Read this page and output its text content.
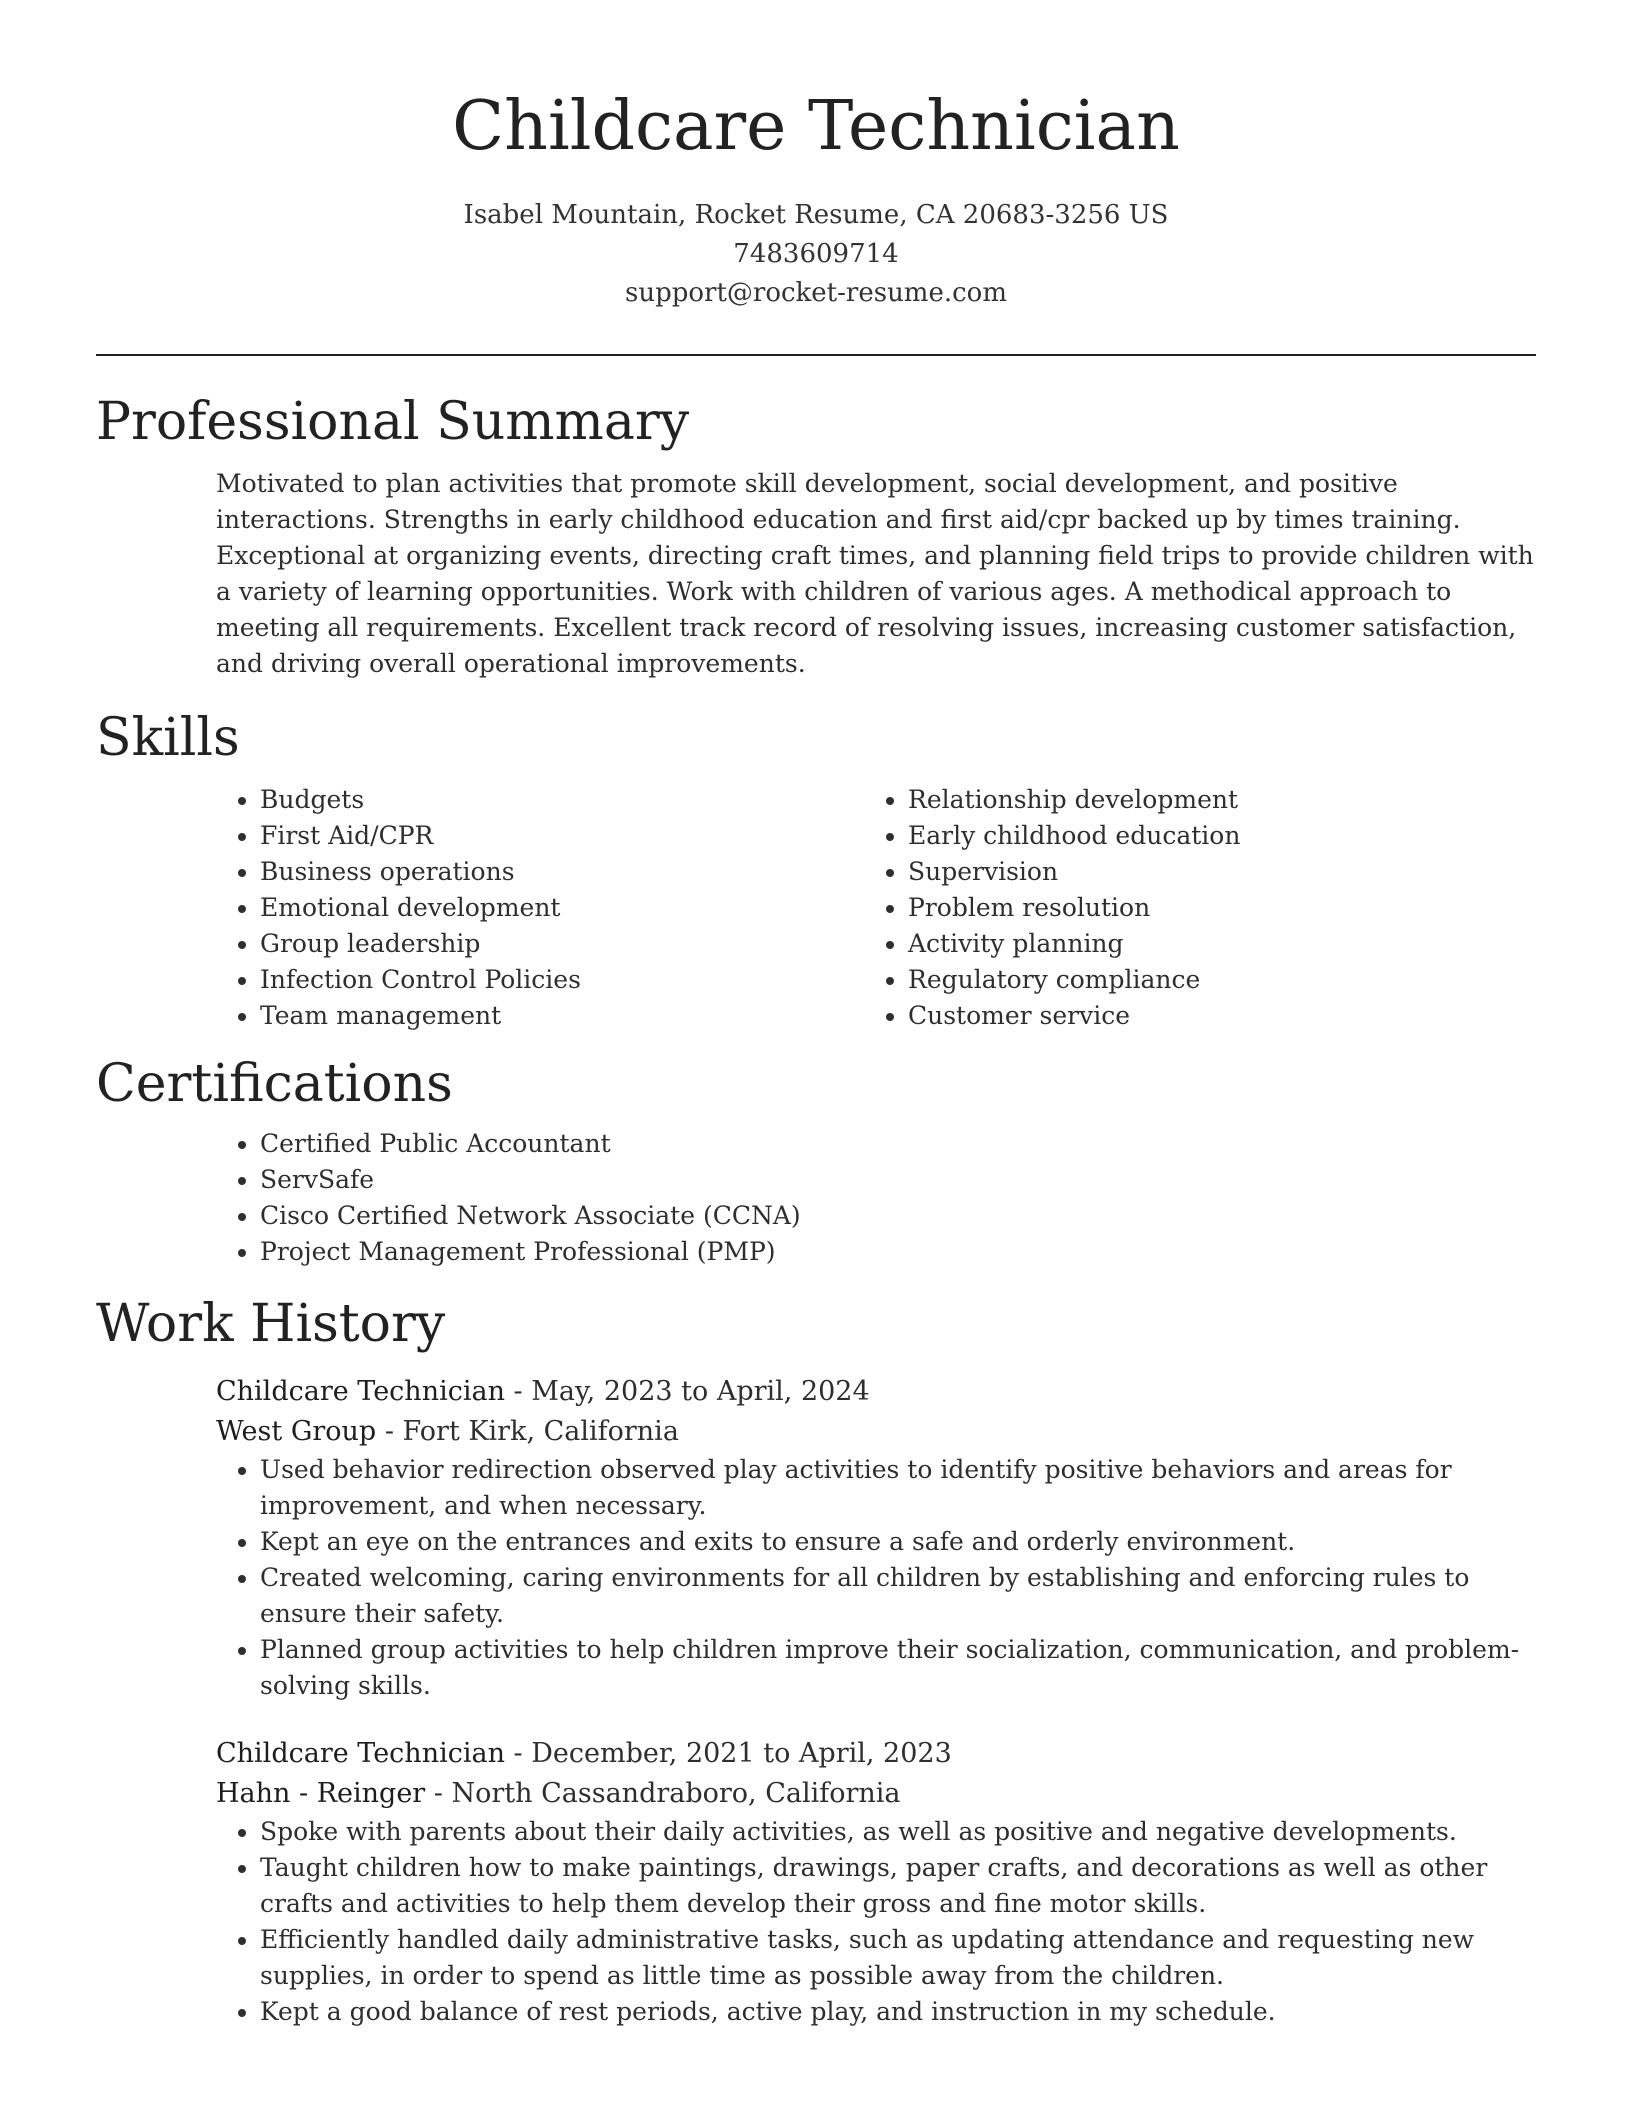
Childcare Technician
Isabel Mountain, Rocket Resume, CA 20683-3256 US
7483609714
support@rocket-resume.com
Professional Summary

Motivated to plan activities that promote skill development, social development, and positive interactions. Strengths in early childhood education and first aid/cpr backed up by times training. Exceptional at organizing events, directing craft times, and planning field trips to provide children with a variety of learning opportunities. Work with children of various ages. A methodical approach to meeting all requirements. Excellent track record of resolving issues, increasing customer satisfaction, and driving overall operational improvements.

Skills
• Budgets
• First Aid/CPR
• Business operations
• Emotional development
• Group leadership
• Infection Control Policies
• Team management
• Relationship development
• Early childhood education
• Supervision
• Problem resolution
• Activity planning
• Regulatory compliance
• Customer service
Certifications
• Certified Public Accountant
• ServSafe
• Cisco Certified Network Associate (CCNA)
• Project Management Professional (PMP)
Work History
Childcare Technician - May, 2023 to April, 2024
West Group - Fort Kirk, California
• Used behavior redirection observed play activities to identify positive behaviors and areas for improvement, and when necessary.
• Kept an eye on the entrances and exits to ensure a safe and orderly environment.
• Created welcoming, caring environments for all children by establishing and enforcing rules to ensure their safety.
• Planned group activities to help children improve their socialization, communication, and problem-solving skills.
Childcare Technician - December, 2021 to April, 2023
Hahn - Reinger - North Cassandraboro, California
• Spoke with parents about their daily activities, as well as positive and negative developments.
• Taught children how to make paintings, drawings, paper crafts, and decorations as well as other crafts and activities to help them develop their gross and fine motor skills.
• Efficiently handled daily administrative tasks, such as updating attendance and requesting new supplies, in order to spend as little time as possible away from the children.
• Kept a good balance of rest periods, active play, and instruction in my schedule.
